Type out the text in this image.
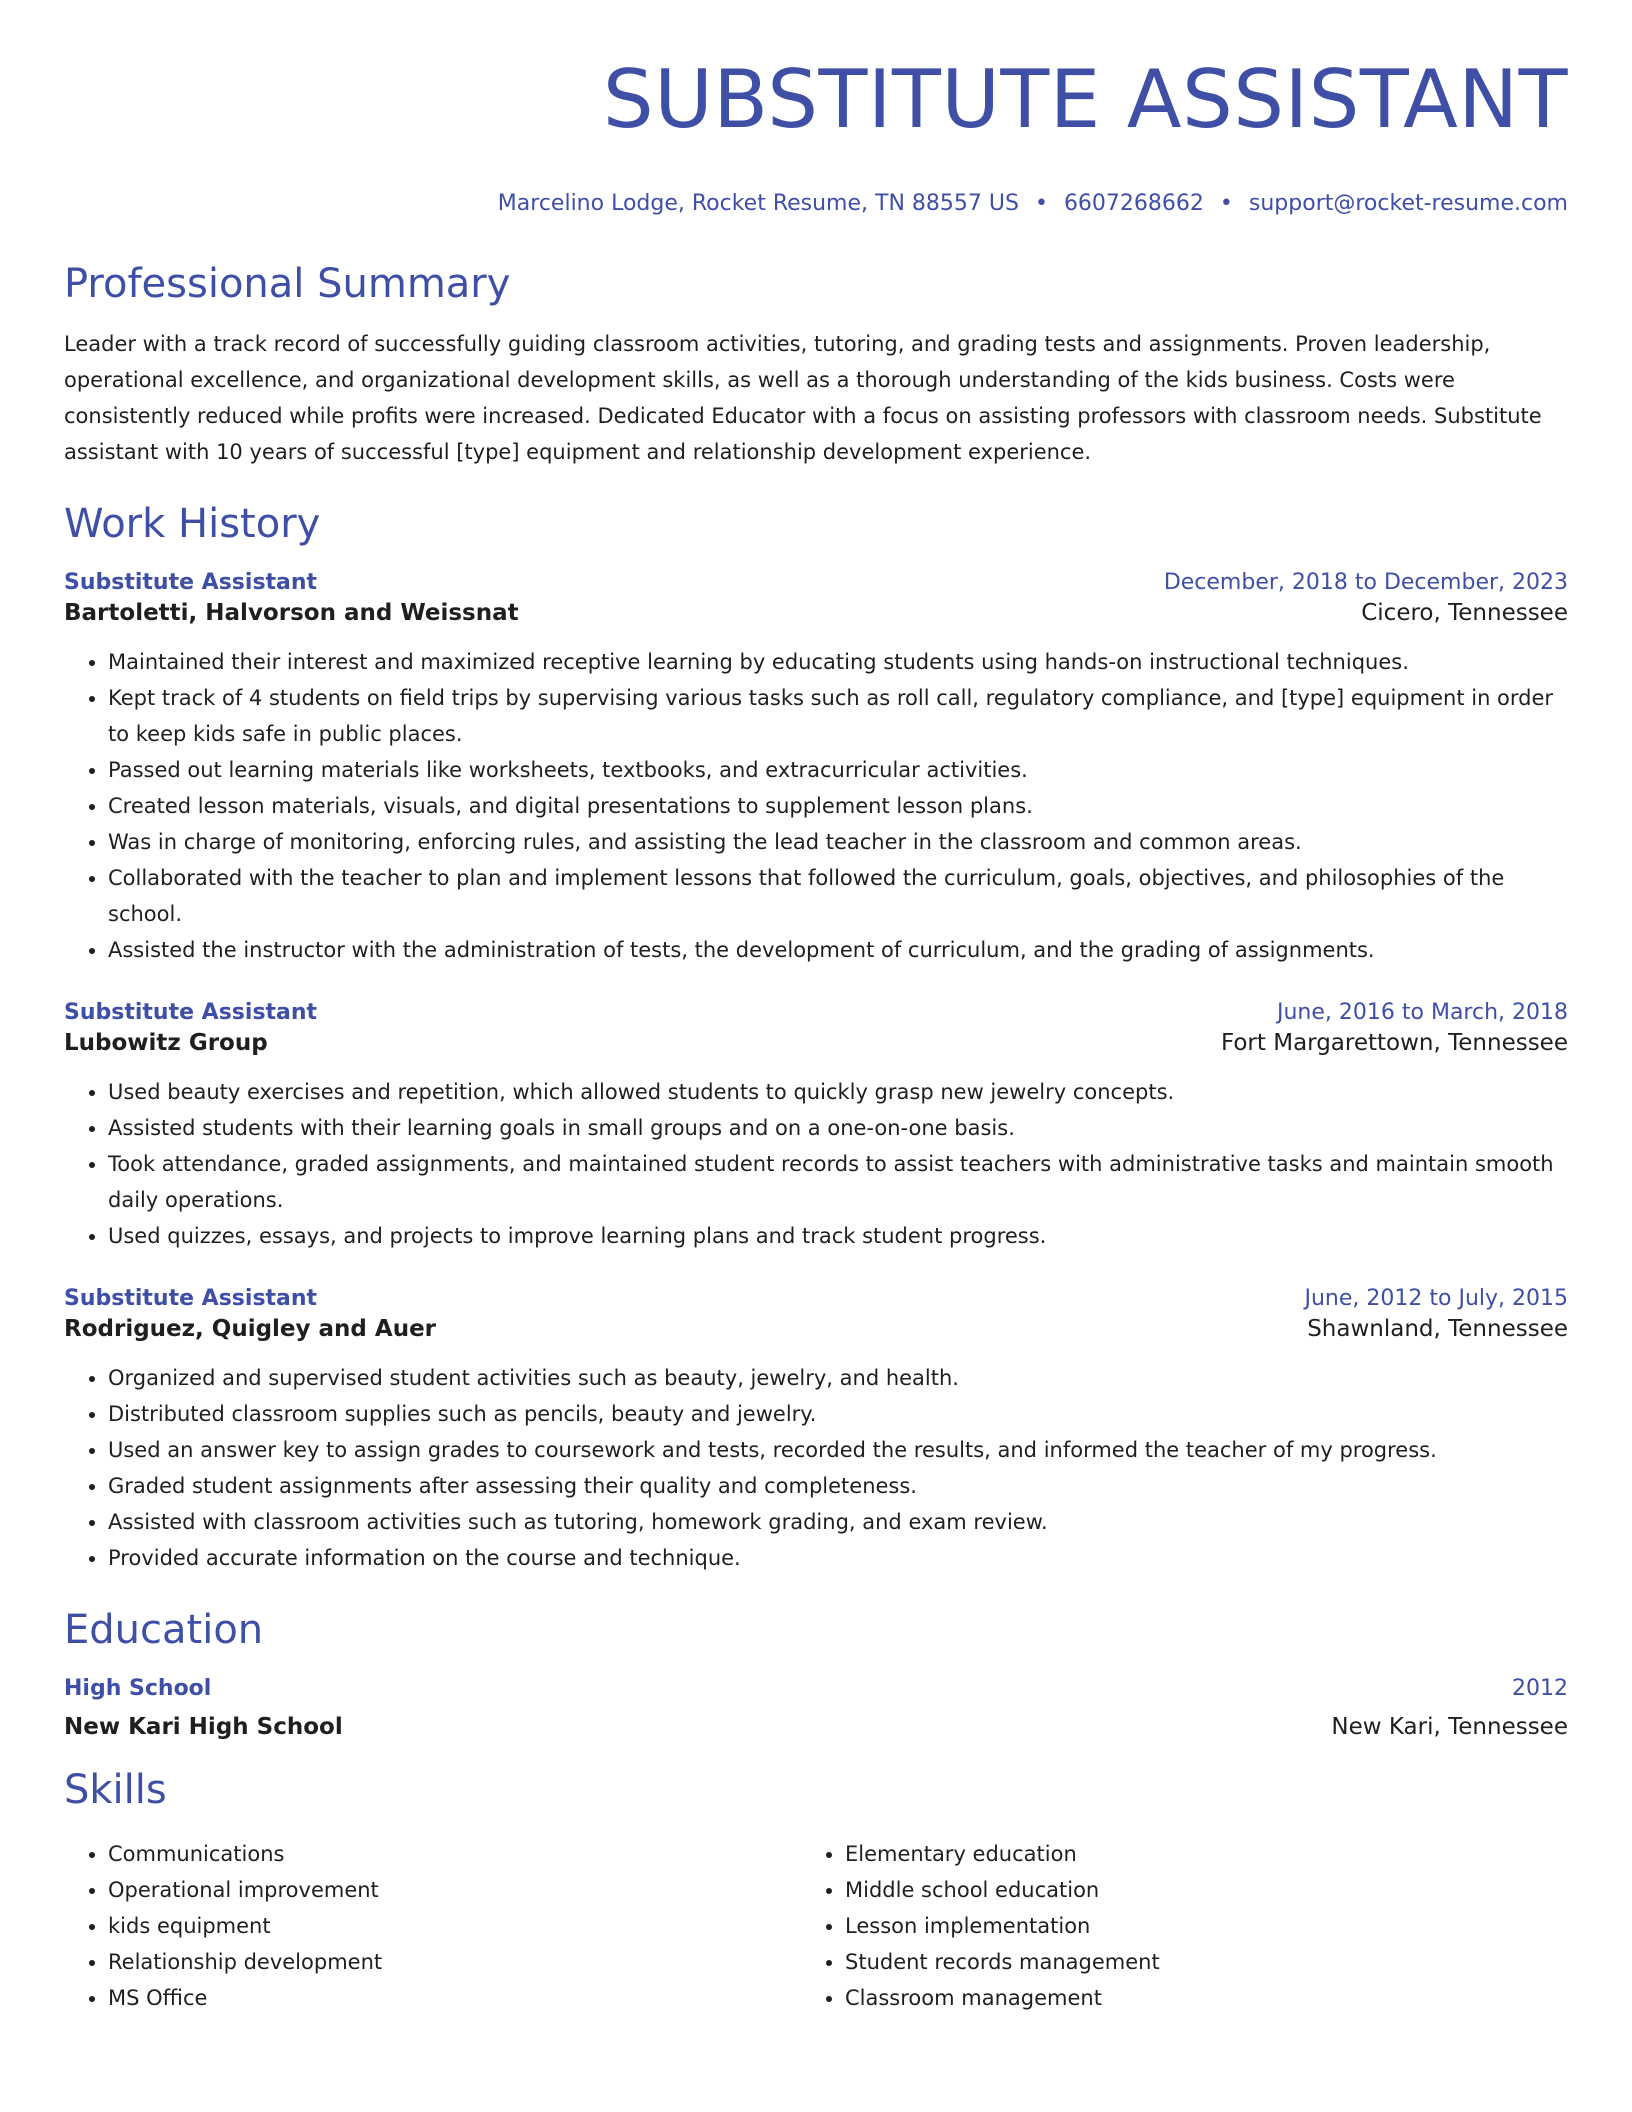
SUBSTITUTE ASSISTANT
Marcelino Lodge, Rocket Resume, TN 88557 US • 6607268662 • support@rocket-resume.com
Professional Summary
Leader with a track record of successfully guiding classroom activities, tutoring, and grading tests and assignments. Proven leadership, operational excellence, and organizational development skills, as well as a thorough understanding of the kids business. Costs were consistently reduced while profits were increased. Dedicated Educator with a focus on assisting professors with classroom needs. Substitute assistant with 10 years of successful [type] equipment and relationship development experience.
Work History
Substitute Assistant	December, 2018 to December, 2023
Bartoletti, Halvorson and Weissnat	Cicero, Tennessee
• Maintained their interest and maximized receptive learning by educating students using hands-on instructional techniques.
• Kept track of 4 students on field trips by supervising various tasks such as roll call, regulatory compliance, and [type] equipment in order to keep kids safe in public places.
• Passed out learning materials like worksheets, textbooks, and extracurricular activities.
• Created lesson materials, visuals, and digital presentations to supplement lesson plans.
• Was in charge of monitoring, enforcing rules, and assisting the lead teacher in the classroom and common areas.
• Collaborated with the teacher to plan and implement lessons that followed the curriculum, goals, objectives, and philosophies of the school.
• Assisted the instructor with the administration of tests, the development of curriculum, and the grading of assignments.
Substitute Assistant	June, 2016 to March, 2018
Lubowitz Group	Fort Margarettown, Tennessee
• Used beauty exercises and repetition, which allowed students to quickly grasp new jewelry concepts.
• Assisted students with their learning goals in small groups and on a one-on-one basis.
• Took attendance, graded assignments, and maintained student records to assist teachers with administrative tasks and maintain smooth daily operations.
• Used quizzes, essays, and projects to improve learning plans and track student progress.
Substitute Assistant	June, 2012 to July, 2015
Rodriguez, Quigley and Auer	Shawnland, Tennessee
• Organized and supervised student activities such as beauty, jewelry, and health.
• Distributed classroom supplies such as pencils, beauty and jewelry.
• Used an answer key to assign grades to coursework and tests, recorded the results, and informed the teacher of my progress.
• Graded student assignments after assessing their quality and completeness.
• Assisted with classroom activities such as tutoring, homework grading, and exam review.
• Provided accurate information on the course and technique.
Education
High School	2012
New Kari High School	New Kari, Tennessee
Skills
• Communications
• Operational improvement
• kids equipment
• Relationship development
• MS Office
• Elementary education
• Middle school education
• Lesson implementation
• Student records management
• Classroom management
